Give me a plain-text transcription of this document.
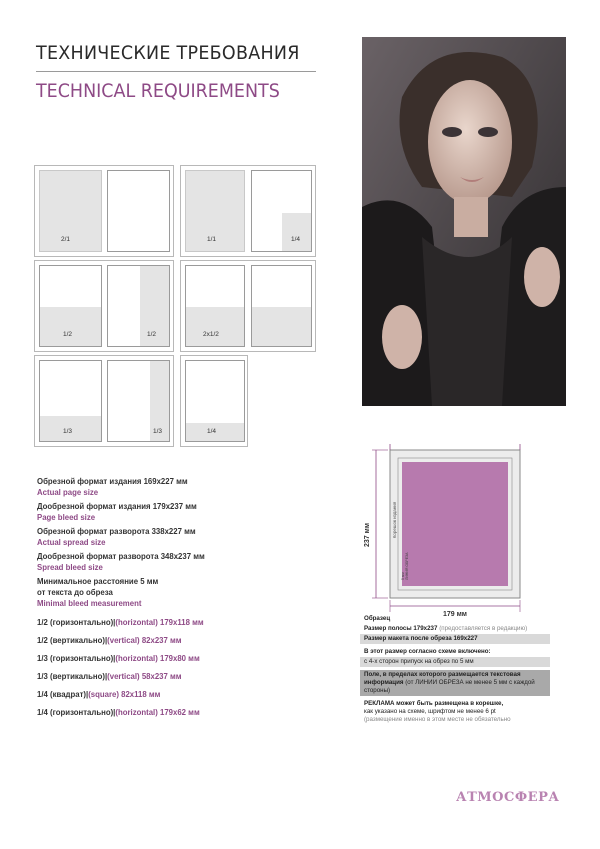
ТЕХНИЧЕСКИЕ ТРЕБОВАНИЯ
TECHNICAL REQUIREMENTS
2/1	1/1	1/4
1/2	1/2	2x1/2
1/3	1/3	1/4
Обрезной формат издания 169x227 мм
Actual page size
Дообрезной формат издания 179x237 мм
Page bleed size
Обрезной формат разворота 338x227 мм
Actual spread size
Дообрезной формат разворота 348x237 мм
Spread bleed size
Минимальное расстояние 5 мм
от текста до обреза
Minimal bleed measurement
1/2 (горизонтально)|(horizontal) 179x118 мм
1/2 (вертикально)|(vertical) 82x237 мм
1/3 (горизонтально)|(horizontal) 179x80 мм
1/3 (вертикально)|(vertical) 58x237 мм
1/4 (квадрат)|(square) 82x118 мм
1/4 (горизонтально)|(horizontal) 179x62 мм
237 мм
179 мм
Корешок издания
5 мм ЛИНИЯ ОБРЕЗА
Образец
Размер полосы 179x237 (предоставляется в редакцию)
Размер макета после обреза 169x227
В этот размер согласно схеме включено:
с 4-х сторон припуск на обрез по 5 мм
Поле, в пределах которого размещается текстовая информация (от ЛИНИИ ОБРЕЗА не менее 5 мм с каждой стороны)
РЕКЛАМА может быть размещена в корешке,
как указано на схеме, шрифтом не менее 6 pt
(размещение именно в этом месте не обязательно
АТМОСФЕРА
